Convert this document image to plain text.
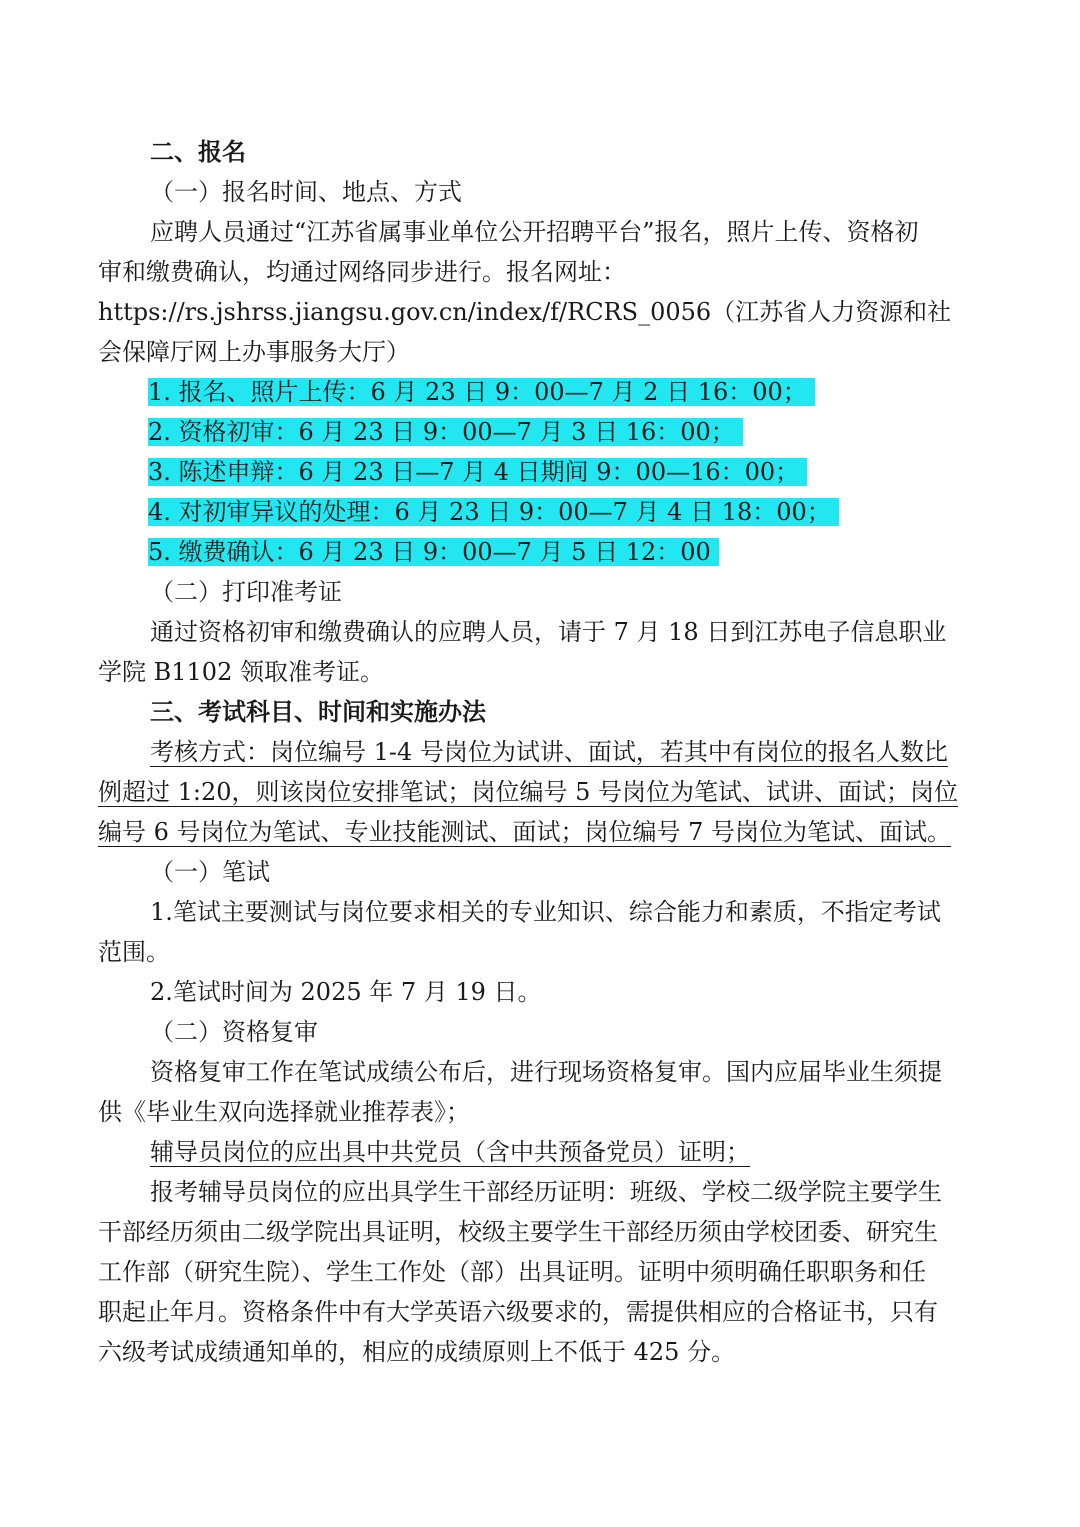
二、报名
（一）报名时间、地点、方式
应聘人员通过“江苏省属事业单位公开招聘平台”报名，照片上传、资格初
审和缴费确认，均通过网络同步进行。报名网址：
https://rs.jshrss.jiangsu.gov.cn/index/f/RCRS_0056（江苏省人力资源和社
会保障厅网上办事服务大厅）
1. 报名、照片上传：6 月 23 日 9：00—7 月 2 日 16：00；
2. 资格初审：6 月 23 日 9：00—7 月 3 日 16：00；
3. 陈述申辩：6 月 23 日—7 月 4 日期间 9：00—16：00；
4. 对初审异议的处理：6 月 23 日 9：00—7 月 4 日 18：00；
5. 缴费确认：6 月 23 日 9：00—7 月 5 日 12：00
（二）打印准考证
通过资格初审和缴费确认的应聘人员，请于 7 月 18 日到江苏电子信息职业
学院 B1102 领取准考证。
三、考试科目、时间和实施办法
考核方式：岗位编号 1-4 号岗位为试讲、面试，若其中有岗位的报名人数比
例超过 1:20，则该岗位安排笔试；岗位编号 5 号岗位为笔试、试讲、面试；岗位
编号 6 号岗位为笔试、专业技能测试、面试；岗位编号 7 号岗位为笔试、面试。
（一）笔试
1.笔试主要测试与岗位要求相关的专业知识、综合能力和素质，不指定考试
范围。
2.笔试时间为 2025 年 7 月 19 日。
（二）资格复审
资格复审工作在笔试成绩公布后，进行现场资格复审。国内应届毕业生须提
供《毕业生双向选择就业推荐表》；
辅导员岗位的应出具中共党员（含中共预备党员）证明；
报考辅导员岗位的应出具学生干部经历证明：班级、学校二级学院主要学生
干部经历须由二级学院出具证明，校级主要学生干部经历须由学校团委、研究生
工作部（研究生院）、学生工作处（部）出具证明。证明中须明确任职职务和任
职起止年月。资格条件中有大学英语六级要求的，需提供相应的合格证书，只有
六级考试成绩通知单的，相应的成绩原则上不低于 425 分。
